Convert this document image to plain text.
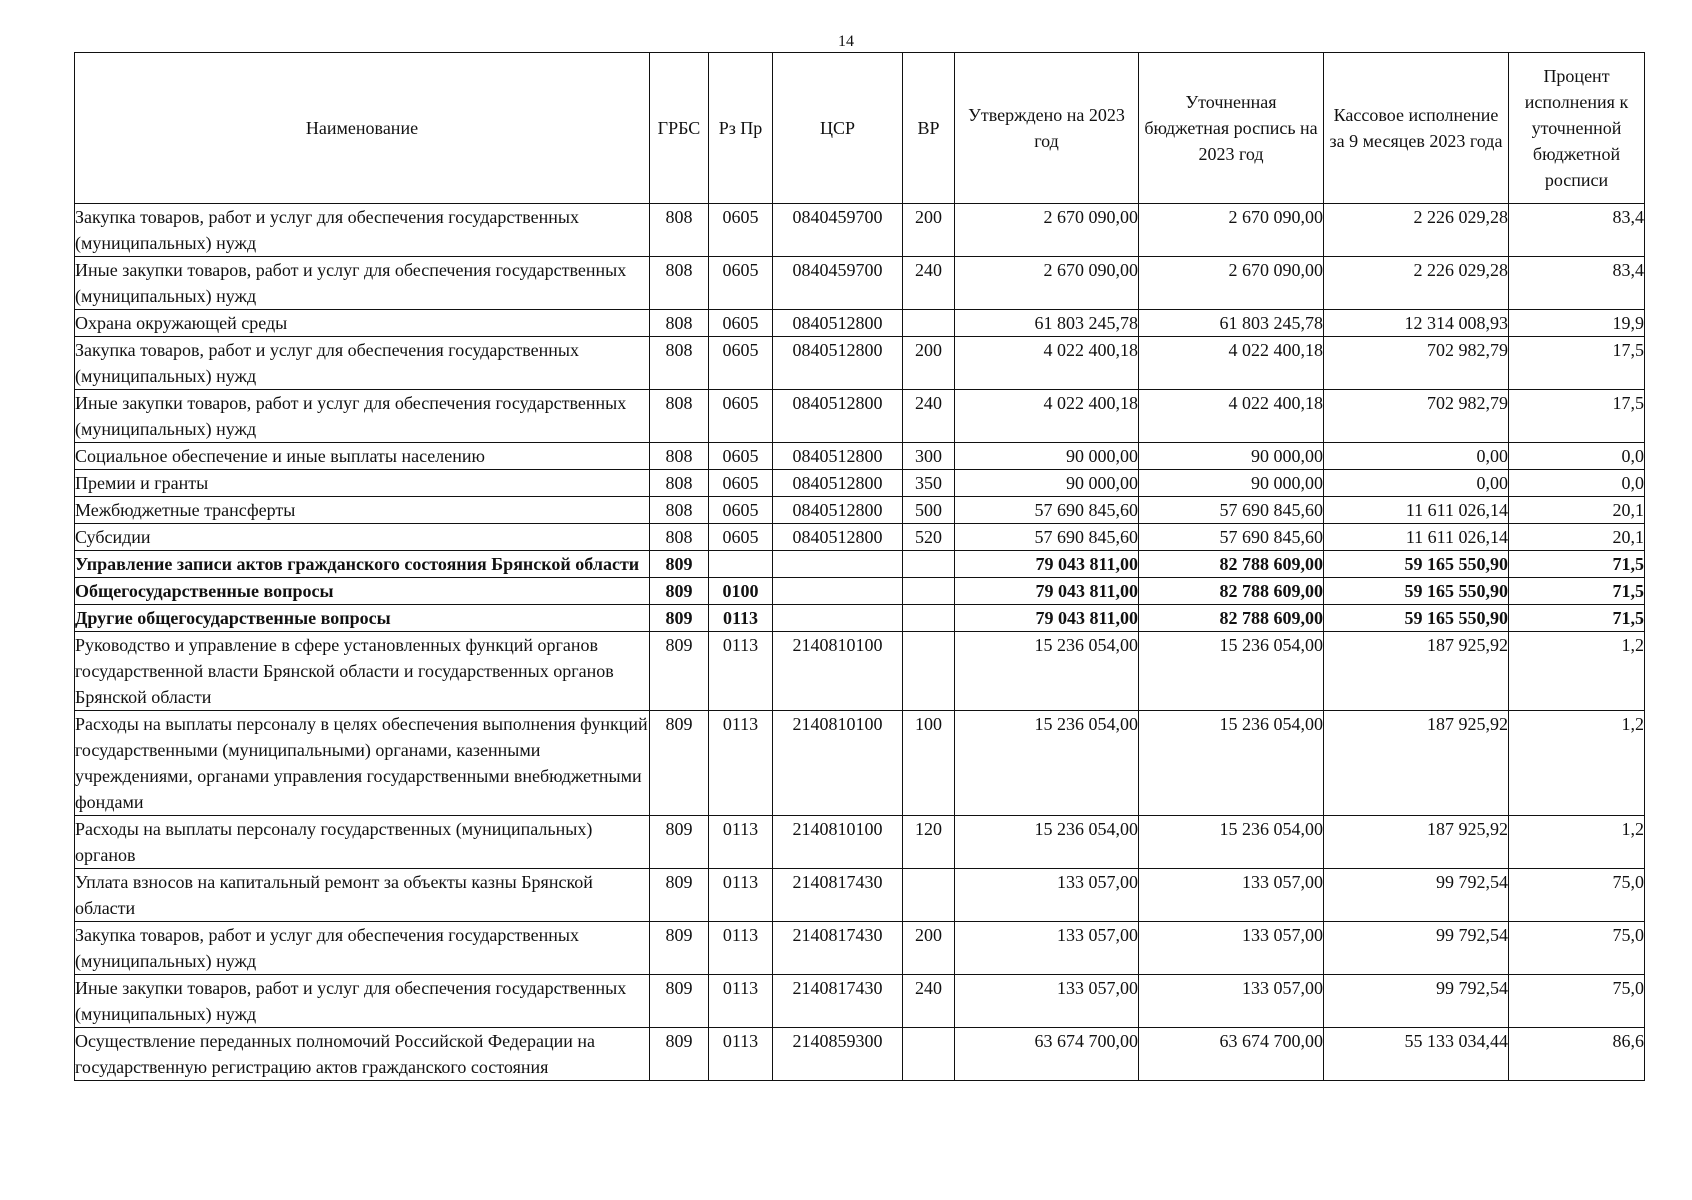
14
Наименование	ГРБС	Рз Пр	ЦСР	ВР	Утверждено на 2023 год	Уточненная бюджетная роспись на 2023 год	Кассовое исполнение за 9 месяцев 2023 года	Процент исполнения к уточненной бюджетной росписи
Закупка товаров, работ и услуг для обеспечения государственных (муниципальных) нужд	808	0605	0840459700	200	2 670 090,00	2 670 090,00	2 226 029,28	83,4
Иные закупки товаров, работ и услуг для обеспечения государственных (муниципальных) нужд	808	0605	0840459700	240	2 670 090,00	2 670 090,00	2 226 029,28	83,4
Охрана окружающей среды	808	0605	0840512800		61 803 245,78	61 803 245,78	12 314 008,93	19,9
Закупка товаров, работ и услуг для обеспечения государственных (муниципальных) нужд	808	0605	0840512800	200	4 022 400,18	4 022 400,18	702 982,79	17,5
Иные закупки товаров, работ и услуг для обеспечения государственных (муниципальных) нужд	808	0605	0840512800	240	4 022 400,18	4 022 400,18	702 982,79	17,5
Социальное обеспечение и иные выплаты населению	808	0605	0840512800	300	90 000,00	90 000,00	0,00	0,0
Премии и гранты	808	0605	0840512800	350	90 000,00	90 000,00	0,00	0,0
Межбюджетные трансферты	808	0605	0840512800	500	57 690 845,60	57 690 845,60	11 611 026,14	20,1
Субсидии	808	0605	0840512800	520	57 690 845,60	57 690 845,60	11 611 026,14	20,1
Управление записи актов гражданского состояния Брянской области	809				79 043 811,00	82 788 609,00	59 165 550,90	71,5
Общегосударственные вопросы	809	0100			79 043 811,00	82 788 609,00	59 165 550,90	71,5
Другие общегосударственные вопросы	809	0113			79 043 811,00	82 788 609,00	59 165 550,90	71,5
Руководство и управление в сфере установленных функций органов государственной власти Брянской области и государственных органов Брянской области	809	0113	2140810100		15 236 054,00	15 236 054,00	187 925,92	1,2
Расходы на выплаты персоналу в целях обеспечения выполнения функций государственными (муниципальными) органами, казенными учреждениями, органами управления государственными внебюджетными фондами	809	0113	2140810100	100	15 236 054,00	15 236 054,00	187 925,92	1,2
Расходы на выплаты персоналу государственных (муниципальных) органов	809	0113	2140810100	120	15 236 054,00	15 236 054,00	187 925,92	1,2
Уплата взносов на капитальный ремонт за объекты казны Брянской области	809	0113	2140817430		133 057,00	133 057,00	99 792,54	75,0
Закупка товаров, работ и услуг для обеспечения государственных (муниципальных) нужд	809	0113	2140817430	200	133 057,00	133 057,00	99 792,54	75,0
Иные закупки товаров, работ и услуг для обеспечения государственных (муниципальных) нужд	809	0113	2140817430	240	133 057,00	133 057,00	99 792,54	75,0
Осуществление переданных полномочий Российской Федерации на государственную регистрацию актов гражданского состояния	809	0113	2140859300		63 674 700,00	63 674 700,00	55 133 034,44	86,6
